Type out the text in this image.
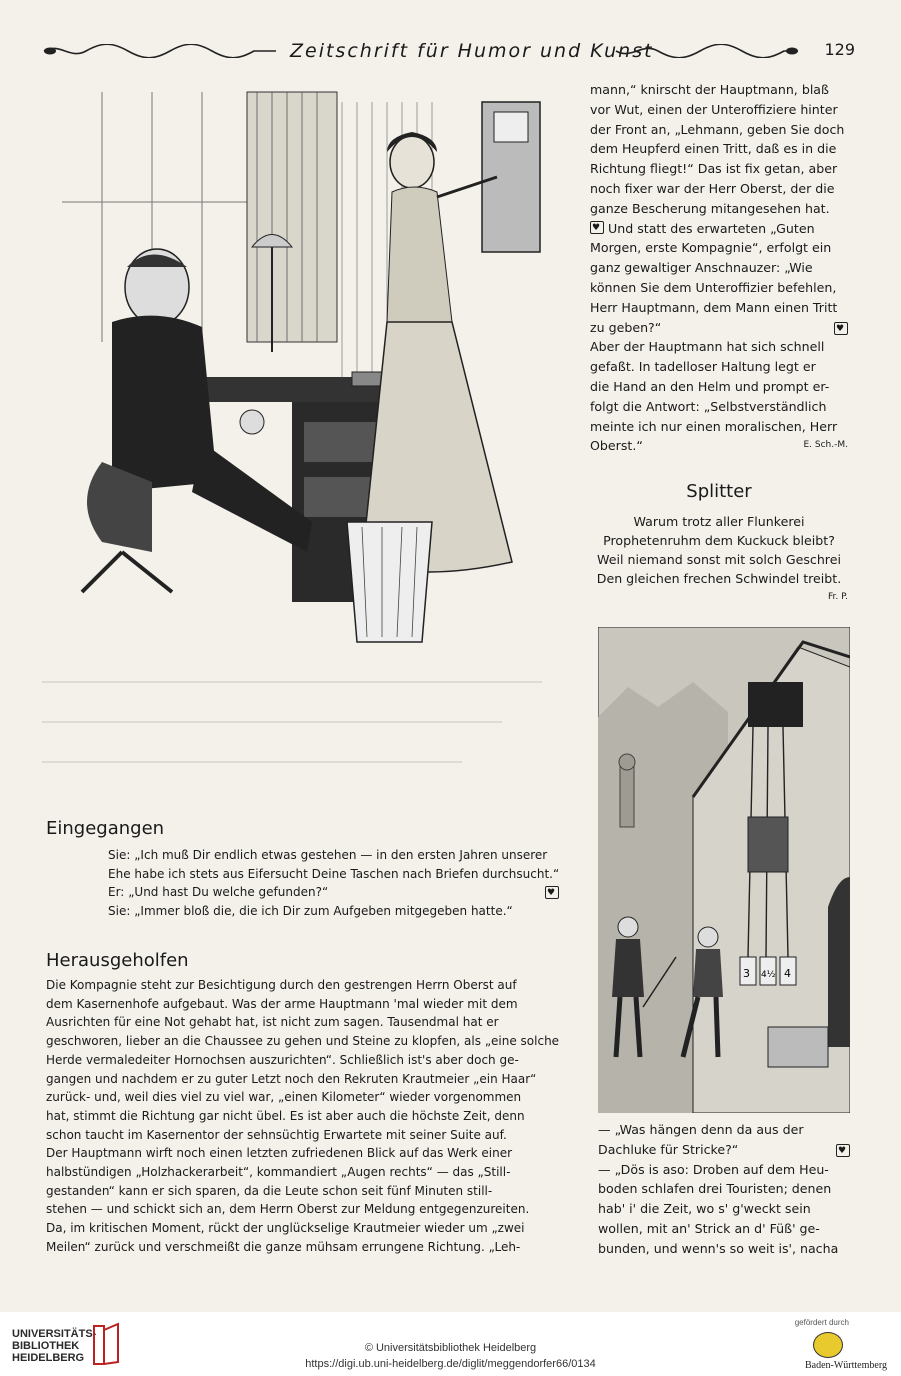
Zeitschrift für Humor und Kunst	129

mann,“ knirscht der Hauptmann, blaß

vor Wut, einen der Unteroffiziere hinter

der Front an, „Lehmann, geben Sie doch

dem Heupferd einen Tritt, daß es in die

Richtung fliegt!“ Das ist fix getan, aber

noch fixer war der Herr Oberst, der die

ganze Bescherung mitangesehen hat.

♥ Und statt des erwarteten „Guten

Morgen, erste Kompagnie“, erfolgt ein

ganz gewaltiger Anschnauzer: „Wie

können Sie dem Unteroffizier befehlen,

Herr Hauptmann, dem Mann einen Tritt

zu geben?“
♥

Aber der Hauptmann hat sich schnell

gefaßt. In tadelloser Haltung legt er

die Hand an den Helm und prompt er-

folgt die Antwort: „Selbstverständlich

meinte ich nur einen moralischen, Herr

Oberst.“	E. Sch.-M.

Splitter
Warum trotz aller Flunkerei
Prophetenruhm dem Kuckuck bleibt?
Weil niemand sonst mit solch Geschrei
Den gleichen frechen Schwindel treibt.
Fr. P.
3 4½ 4

— „Was hängen denn da aus der

Dachluke für Stricke?“
♥

— „Dös is aso: Droben auf dem Heu-

boden schlafen drei Touristen; denen

hab' i' die Zeit, wo s' g'weckt sein

wollen, mit an' Strick an d' Füß' ge-

bunden, und wenn's so weit is', nacha

Eingegangen
Sie: „Ich muß Dir endlich etwas gestehen — in den ersten Jahren unserer
Ehe habe ich stets aus Eifersucht Deine Taschen nach Briefen durchsucht.“
Er: „Und hast Du welche gefunden?“
♥
Sie: „Immer bloß die, die ich Dir zum Aufgeben mitgegeben hatte.“
Herausgeholfen

Die Kompagnie steht zur Besichtigung durch den gestrengen Herrn Oberst auf

dem Kasernenhofe aufgebaut. Was der arme Hauptmann 'mal wieder mit dem

Ausrichten für eine Not gehabt hat, ist nicht zum sagen. Tausendmal hat er

geschworen, lieber an die Chaussee zu gehen und Steine zu klopfen, als „eine solche

Herde vermaledeiter Hornochsen auszurichten“. Schließlich ist's aber doch ge-

gangen und nachdem er zu guter Letzt noch den Rekruten Krautmeier „ein Haar“

zurück- und, weil dies viel zu viel war, „einen Kilometer“ wieder vorgenommen

hat, stimmt die Richtung gar nicht übel. Es ist aber auch die höchste Zeit, denn

schon taucht im Kasernentor der sehnsüchtig Erwartete mit seiner Suite auf.

Der Hauptmann wirft noch einen letzten zufriedenen Blick auf das Werk einer

halbstündigen „Holzhackerarbeit“, kommandiert „Augen rechts“ — das „Still-

gestanden“ kann er sich sparen, da die Leute schon seit fünf Minuten still-

stehen — und schickt sich an, dem Herrn Oberst zur Meldung entgegenzureiten.

Da, im kritischen Moment, rückt der unglückselige Krautmeier wieder um „zwei

Meilen“ zurück und verschmeißt die ganze mühsam errungene Richtung. „Leh-

UNIVERSITÄTS-
BIBLIOTHEK
HEIDELBERG
© Universitätsbibliothek Heidelberg
https://digi.ub.uni-heidelberg.de/diglit/meggendorfer66/0134
gefördert durch
Baden-Württemberg
